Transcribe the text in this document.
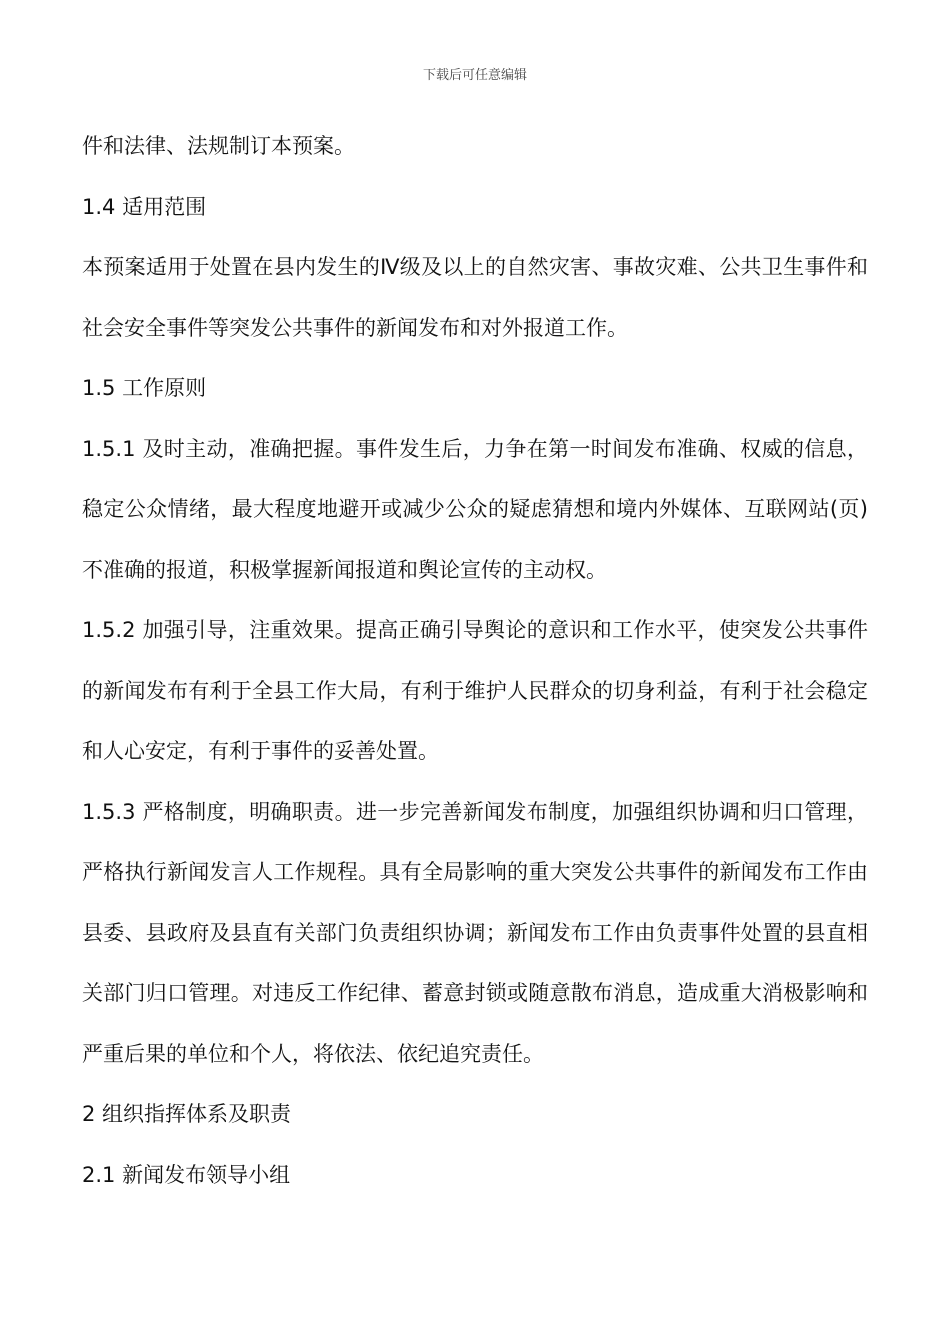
下载后可任意编辑

件和法律、法规制订本预案。

1.4 适用范围

本预案适用于处置在县内发生的Ⅳ级及以上的自然灾害、事故灾难、公共卫生事件和社会安全事件等突发公共事件的新闻发布和对外报道工作。

1.5 工作原则

1.5.1 及时主动，准确把握。事件发生后，力争在第一时间发布准确、权威的信息，稳定公众情绪，最大程度地避开或减少公众的疑虑猜想和境内外媒体、互联网站(页)不准确的报道，积极掌握新闻报道和舆论宣传的主动权。

1.5.2 加强引导，注重效果。提高正确引导舆论的意识和工作水平，使突发公共事件的新闻发布有利于全县工作大局，有利于维护人民群众的切身利益，有利于社会稳定和人心安定，有利于事件的妥善处置。

1.5.3 严格制度，明确职责。进一步完善新闻发布制度，加强组织协调和归口管理，严格执行新闻发言人工作规程。具有全局影响的重大突发公共事件的新闻发布工作由县委、县政府及县直有关部门负责组织协调；新闻发布工作由负责事件处置的县直相关部门归口管理。对违反工作纪律、蓄意封锁或随意散布消息，造成重大消极影响和严重后果的单位和个人，将依法、依纪追究责任。

2 组织指挥体系及职责

2.1 新闻发布领导小组
